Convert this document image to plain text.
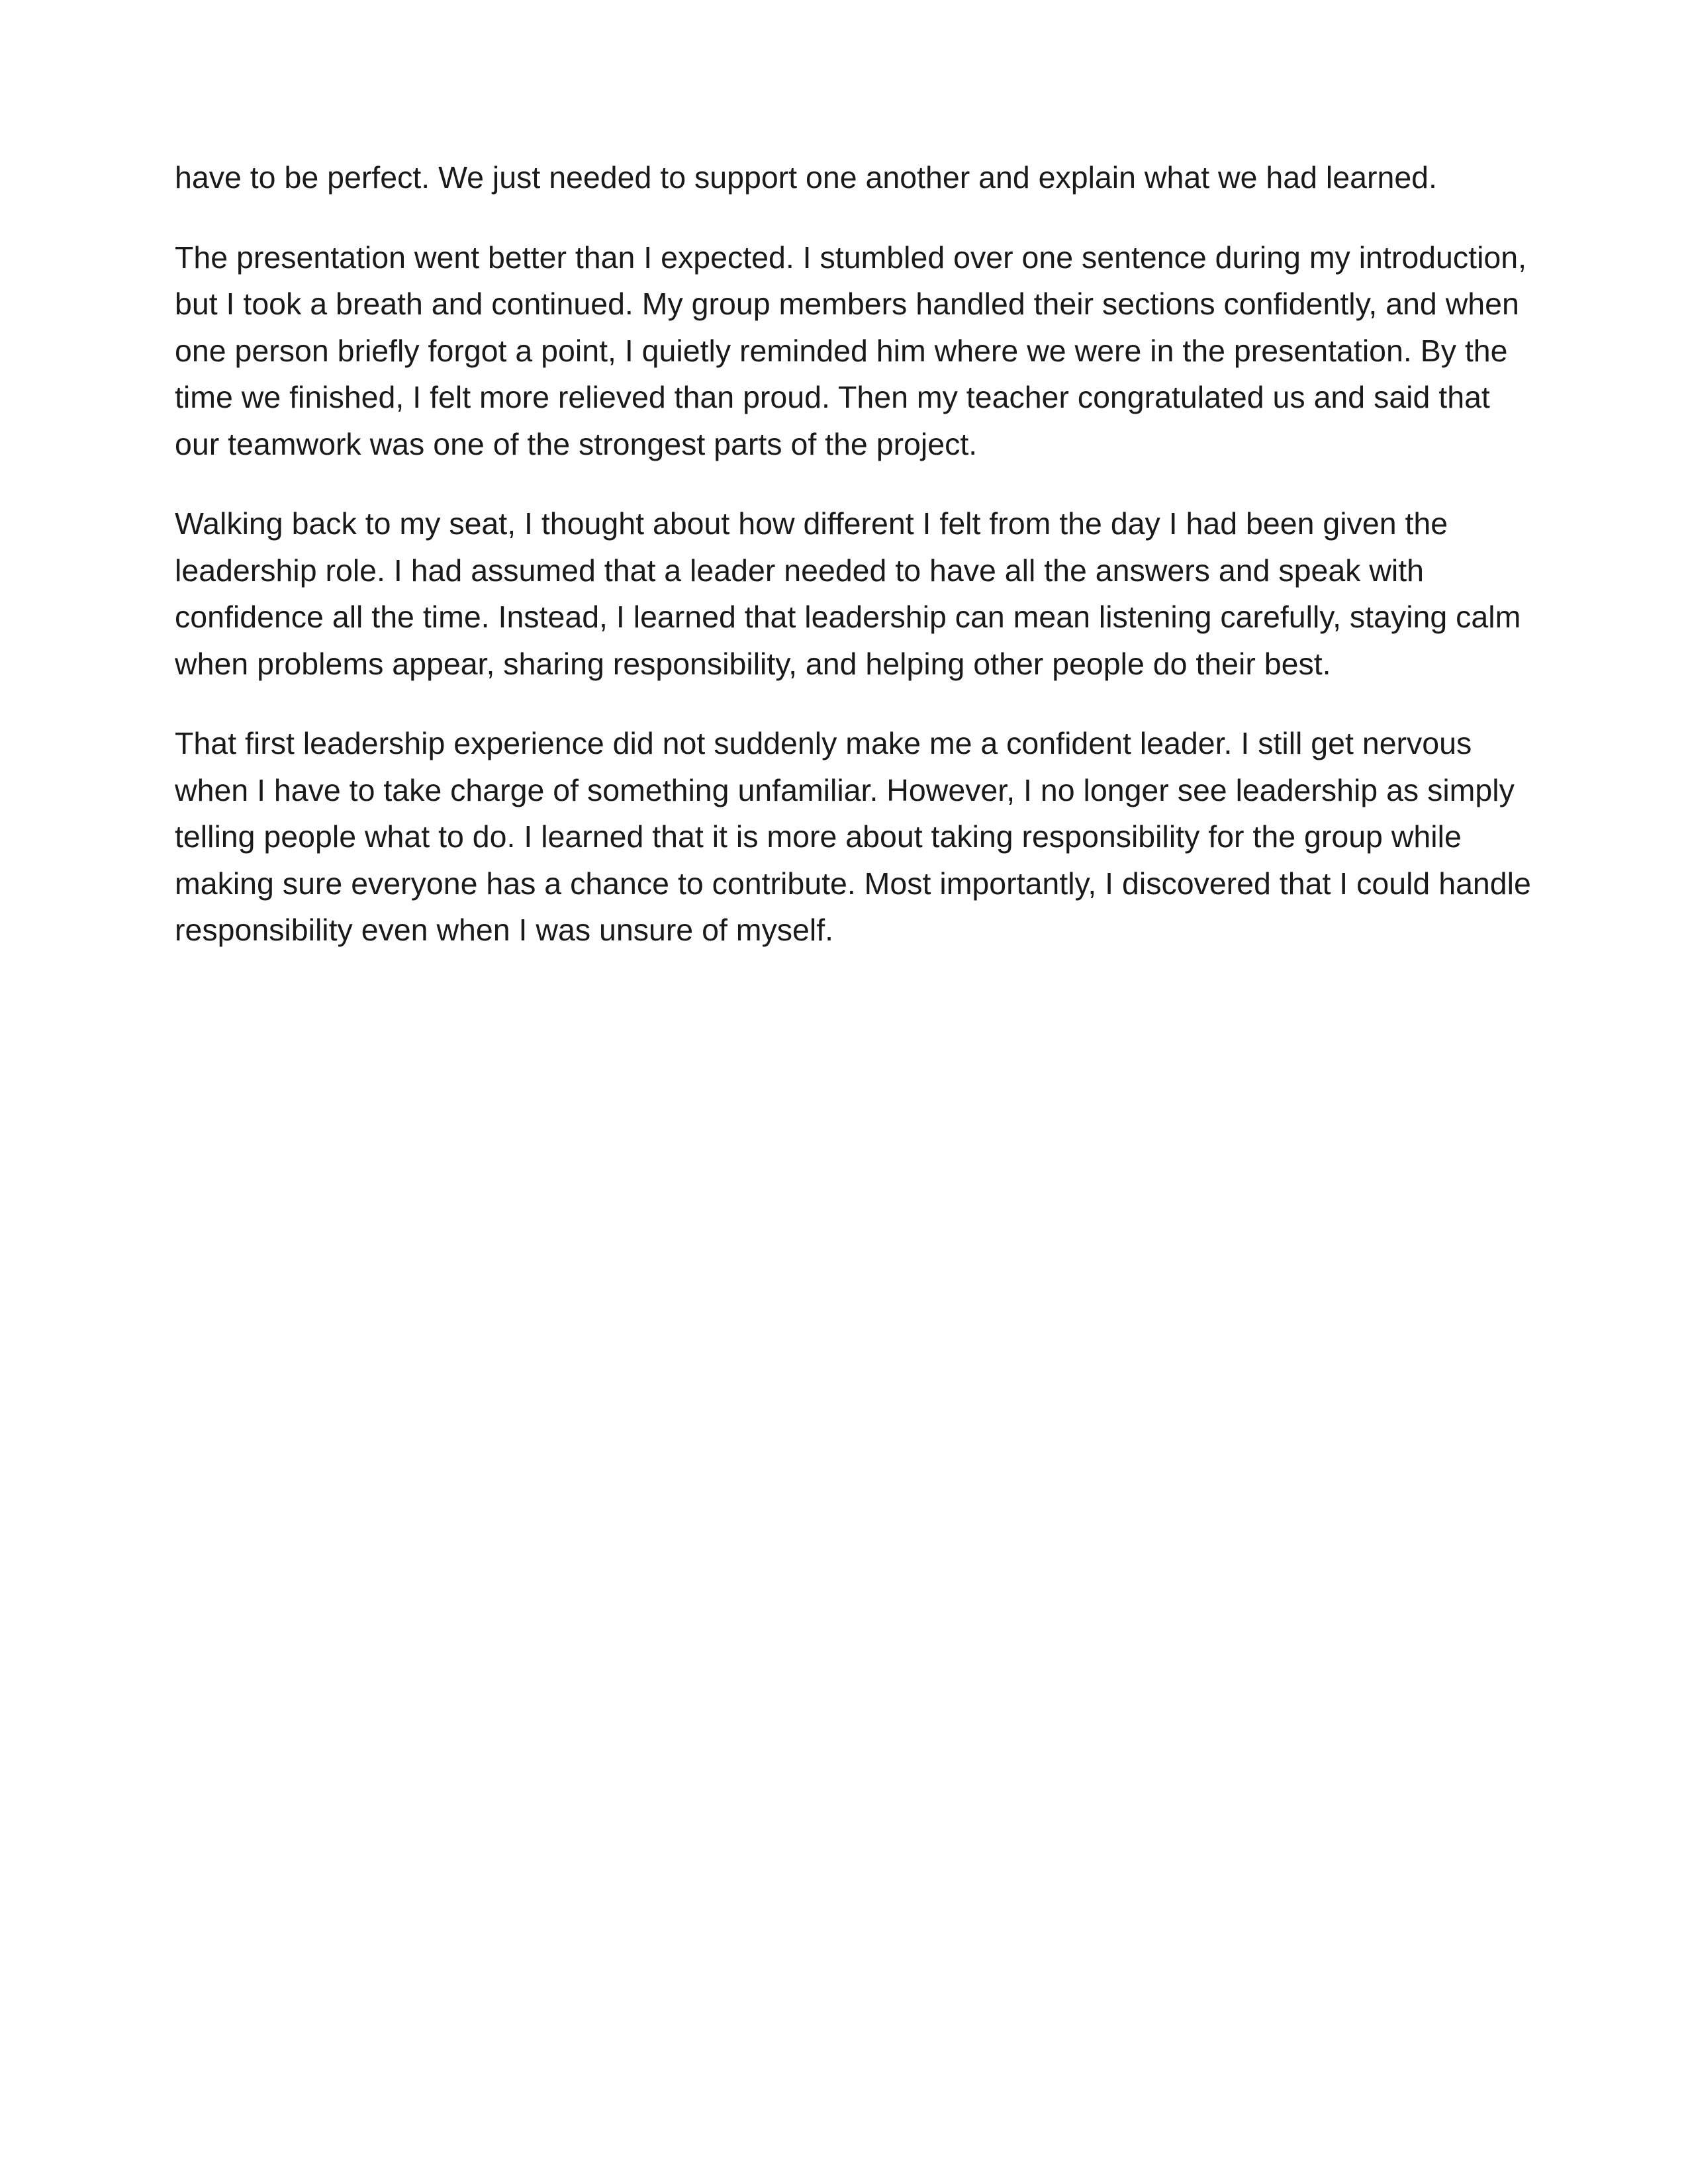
have to be perfect. We just needed to support one another and explain what we had learned.
The presentation went better than I expected. I stumbled over one sentence during my introduction,
but I took a breath and continued. My group members handled their sections confidently, and when
one person briefly forgot a point, I quietly reminded him where we were in the presentation. By the
time we finished, I felt more relieved than proud. Then my teacher congratulated us and said that
our teamwork was one of the strongest parts of the project.
Walking back to my seat, I thought about how different I felt from the day I had been given the
leadership role. I had assumed that a leader needed to have all the answers and speak with
confidence all the time. Instead, I learned that leadership can mean listening carefully, staying calm
when problems appear, sharing responsibility, and helping other people do their best.
That first leadership experience did not suddenly make me a confident leader. I still get nervous
when I have to take charge of something unfamiliar. However, I no longer see leadership as simply
telling people what to do. I learned that it is more about taking responsibility for the group while
making sure everyone has a chance to contribute. Most importantly, I discovered that I could handle
responsibility even when I was unsure of myself.
